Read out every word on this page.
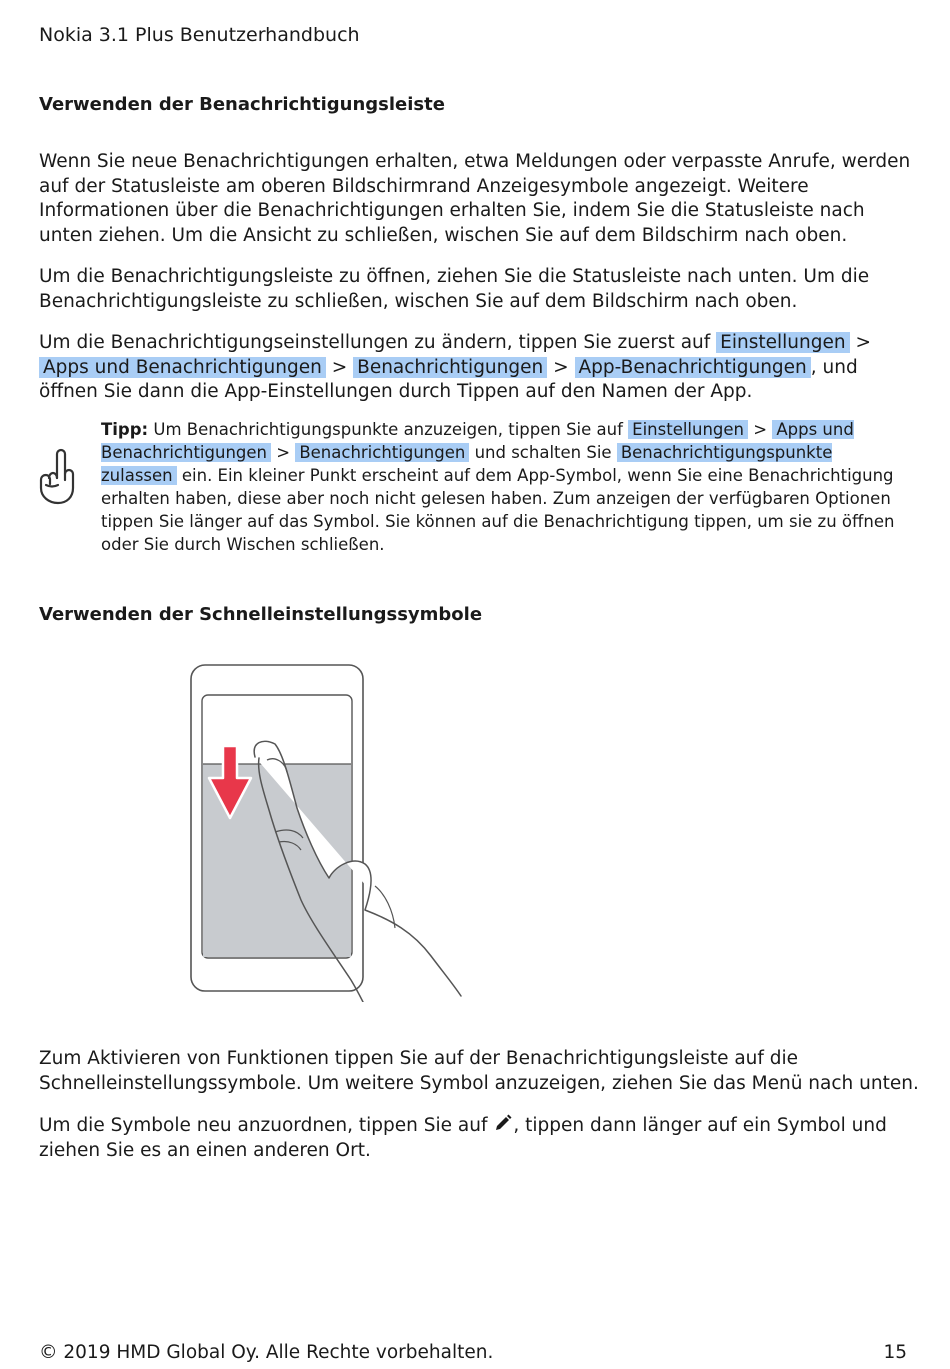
Nokia 3.1 Plus Benutzerhandbuch
Verwenden der Benachrichtigungsleiste

Wenn Sie neue Benachrichtigungen erhalten, etwa Meldungen oder verpasste Anrufe, werden auf der Statusleiste am oberen Bildschirmrand Anzeigesymbole angezeigt. Weitere Informationen über die Benachrichtigungen erhalten Sie, indem Sie die Statusleiste nach unten ziehen. Um die Ansicht zu schließen, wischen Sie auf dem Bildschirm nach oben.

Um die Benachrichtigungsleiste zu öffnen, ziehen Sie die Statusleiste nach unten. Um die Benachrichtigungsleiste zu schließen, wischen Sie auf dem Bildschirm nach oben.

Um die Benachrichtigungseinstellungen zu ändern, tippen Sie zuerst auf Einstellungen > Apps und Benachrichtigungen > Benachrichtigungen > App-Benachrichtigungen , und öffnen Sie dann die App-Einstellungen durch Tippen auf den Namen der App.

Tipp: Um Benachrichtigungspunkte anzuzeigen, tippen Sie auf Einstellungen > Apps und Benachrichtigungen > Benachrichtigungen und schalten Sie Benachrichtigungspunkte zulassen ein. Ein kleiner Punkt erscheint auf dem App-Symbol, wenn Sie eine Benachrichtigung erhalten haben, diese aber noch nicht gelesen haben. Zum anzeigen der verfügbaren Optionen tippen Sie länger auf das Symbol. Sie können auf die Benachrichtigung tippen, um sie zu öffnen oder Sie durch Wischen schließen.
Verwenden der Schnelleinstellungssymbole

Zum Aktivieren von Funktionen tippen Sie auf der Benachrichtigungsleiste auf die Schnelleinstellungssymbole. Um weitere Symbol anzuzeigen, ziehen Sie das Menü nach unten.

Um die Symbole neu anzuordnen, tippen Sie auf , tippen dann länger auf ein Symbol und ziehen Sie es an einen anderen Ort.

© 2019 HMD Global Oy. Alle Rechte vorbehalten.	15
